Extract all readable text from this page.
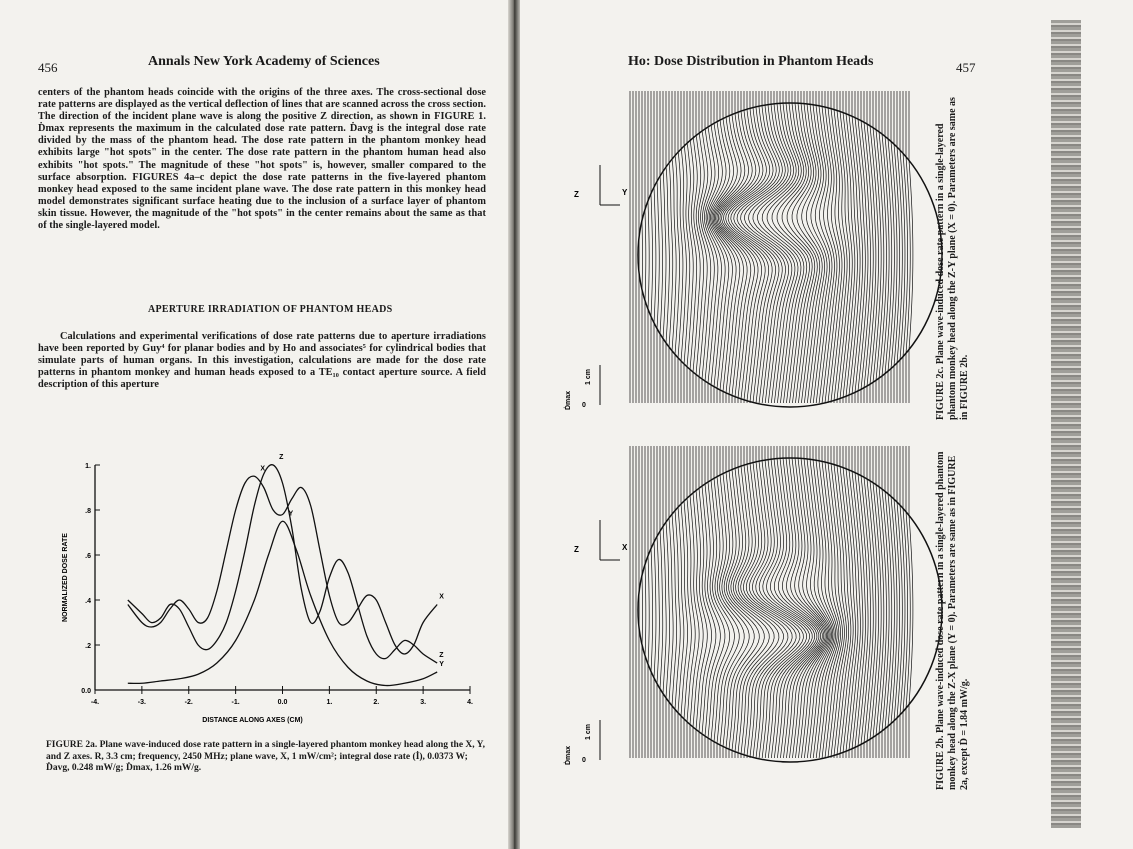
456	Annals New York Academy of Sciences

centers of the phantom heads coincide with the origins of the three axes. The cross-sectional dose rate patterns are displayed as the vertical deflection of lines that are scanned across the cross section. The direction of the incident plane wave is along the positive Z direction, as shown in FIGURE 1. Ḋmax represents the maximum in the calculated dose rate pattern. Ḋavg is the integral dose rate divided by the mass of the phantom head. The dose rate pattern in the phantom monkey head exhibits large "hot spots" in the center. The dose rate pattern in the phantom human head also exhibits "hot spots." The magnitude of these "hot spots" is, however, smaller compared to the surface absorption. FIGURES 4a–c depict the dose rate patterns in the five-layered phantom monkey head exposed to the same incident plane wave. The dose rate pattern in this monkey head model demonstrates significant surface heating due to the inclusion of a surface layer of phantom skin tissue. However, the magnitude of the "hot spots" in the center remains about the same as that of the single-layered model.

APERTURE IRRADIATION OF PHANTOM HEADS

Calculations and experimental verifications of dose rate patterns due to aperture irradiations have been reported by Guy⁴ for planar bodies and by Ho and associates⁵ for cylindrical bodies that simulate parts of human organs. In this investigation, calculations are made for the dose rate patterns in phantom monkey and human heads exposed to a TE₁₀ contact aperture source. A field description of this aperture

0.0
.2
.4
.6
.8
1.
-4.	-3.	-2.	-1.	0.0	1.	2.	3.	4.
DISTANCE ALONG AXES (CM)
NORMALIZED DOSE RATE
X
X
Y
Y
Z
Z
FIGURE 2a. Plane wave-induced dose rate pattern in a single-layered phantom monkey head along the X, Y, and Z axes. R, 3.3 cm; frequency, 2450 MHz; plane wave, X, 1 mW/cm²; integral dose rate (İ), 0.0373 W; Ḋavg, 0.248 mW/g; Ḋmax, 1.26 mW/g.
Ho: Dose Distribution in Phantom Heads	457
Z	Y
1 cm
0
Ḋmax
Z	X
1 cm
0
Ḋmax
FIGURE 2c. Plane wave-induced dose rate pattern in a single-layered phantom monkey head along the Z-Y plane (X = 0). Parameters are same as in FIGURE 2b.
FIGURE 2b. Plane wave-induced dose rate pattern in a single-layered phantom monkey head along the Z-X plane (Y = 0). Parameters are same as in FIGURE 2a, except Ḋ = 1.84 mW/g.
